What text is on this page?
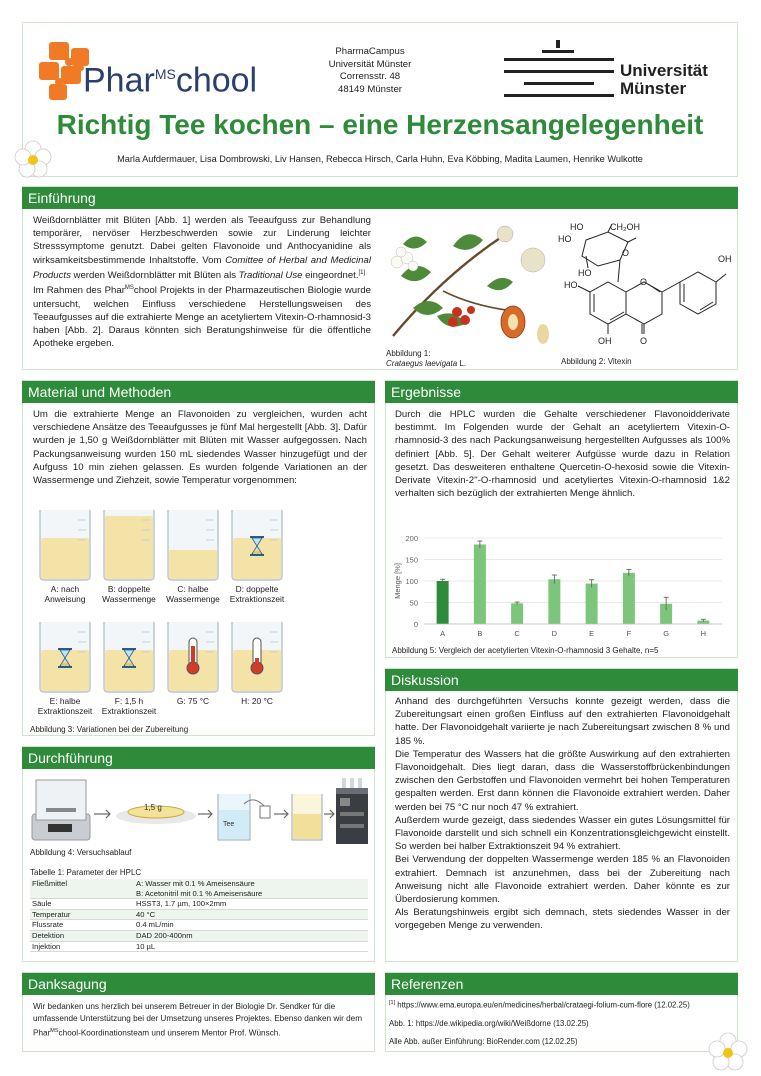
Phar$^{MS}$chool
PharmaCampus
Universität Münster
Corrensstr. 48
48149 Münster
Universität
Münster
Richtig Tee kochen – eine Herzensangelegenheit
Marla Aufdermauer, Lisa Dombrowski, Liv Hansen, Rebecca Hirsch, Carla Huhn, Eva Köbbing, Madita Laumen, Henrike Wulkotte
Einführung

Weißdornblätter mit Blüten [Abb. 1] werden als Teeaufguss zur Behandlung temporärer, nervöser Herzbeschwerden sowie zur Linderung leichter Stresssymptome genutzt. Dabei gelten Flavonoide und Anthocyanidine als wirksamkeitsbestimmende Inhaltstoffe. Vom Comittee of Herbal and Medicinal Products werden Weißdornblätter mit Blüten als Traditional Use eingeordnet.[1]

Im Rahmen des Phar$^{MS}$chool Projekts in der Pharmazeutischen Biologie wurde untersucht, welchen Einfluss verschiedene Herstellungsweisen des Teeaufgusses auf die extrahierte Menge an acetyliertem Vitexin-O-rhamnosid-3 haben [Abb. 2]. Daraus könnten sich Beratungshinweise für die öffentliche Apotheke ergeben.

Abbildung 1:
Crataegus laevigata L.
HO	CH₂OH
HO
O
HO
OH
HO	O
OH	O
Abbildung 2: Vitexin
Material und Methoden
Um die extrahierte Menge an Flavonoiden zu vergleichen, wurden acht verschiedene Ansätze des Teeaufgusses je fünf Mal hergestellt [Abb. 3]. Dafür wurden je 1,50 g Weißdornblätter mit Blüten mit Wasser aufgegossen. Nach Packungsanweisung wurden 150 mL siedendes Wasser hinzugefügt und der Aufguss 10 min ziehen gelassen. Es wurden folgende Variationen an der Wassermenge und Ziehzeit, sowie Temperatur vorgenommen:
A: nach
Anweisung
B: doppelte
Wassermenge
C: halbe
Wassermenge
D: doppelte
Extraktionszeit
E: halbe
Extraktionszeit
F: 1,5 h
Extraktionszeit
G: 75 °C	H: 20 °C
Abbildung 3: Variationen bei der Zubereitung
Durchführung
1,5 g
Tee
Abbildung 4: Versuchsablauf
Tabelle 1: Parameter der HPLC
Fließmittel	A: Wasser mit 0.1 % Ameisensäure
B: Acetonitril mit 0.1 % Ameisensäure

Säule	HSST3, 1.7 µm, 100×2mm

Temperatur	40 °C

Flussrate	0.4 mL/min

Detektion	DAD 200-400nm

Injektion	10 µL
Danksagung
Wir bedanken uns herzlich bei unserem Betreuer in der Biologie Dr. Sendker für die umfassende Unterstützung bei der Umsetzung unseres Projektes. Ebenso danken wir dem Phar$^{MS}$chool-Koordinationsteam und unserem Mentor Prof. Wünsch.
Ergebnisse
Durch die HPLC wurden die Gehalte verschiedener Flavonoidderivate bestimmt. Im Folgenden wurde der Gehalt an acetyliertem Vitexin-O-rhamnosid-3 des nach Packungsanweisung hergestellten Aufgusses als 100% definiert [Abb. 5]. Der Gehalt weiterer Aufgüsse wurde dazu in Relation gesetzt. Das desweiteren enthaltene Quercetin-O-hexosid sowie die Vitexin-Derivate Vitexin-2''-O-rhamnosid und acetyliertes Vitexin-O-rhamnosid 1&2 verhalten sich bezüglich der extrahierten Menge ähnlich.
0
50
100
150
200
Menge [%]
A	B	C	D	E	F	G	H
Abbildung 5: Vergleich der acetylierten Vitexin-O-rhamnosid 3 Gehalte, n=5
Diskussion

Anhand des durchgeführten Versuchs konnte gezeigt werden, dass die Zubereitungsart einen großen Einfluss auf den extrahierten Flavonoidgehalt hatte. Der Flavonoidgehalt variierte je nach Zubereitungsart zwischen 8 % und 185 %.

Die Temperatur des Wassers hat die größte Auswirkung auf den extrahierten Flavonoidgehalt. Dies liegt daran, dass die Wasserstoffbrückenbindungen zwischen den Gerbstoffen und Flavonoiden vermehrt bei hohen Temperaturen gespalten werden. Erst dann können die Flavonoide extrahiert werden. Daher werden bei 75 °C nur noch 47 % extrahiert.

Außerdem wurde gezeigt, dass siedendes Wasser ein gutes Lösungsmittel für Flavonoide darstellt und sich schnell ein Konzentrationsgleichgewicht einstellt. So werden bei halber Extraktionszeit 94 % extrahiert.

Bei Verwendung der doppelten Wassermenge werden 185 % an Flavonoiden extrahiert. Demnach ist anzunehmen, dass bei der Zubereitung nach Anweisung nicht alle Flavonoide extrahiert werden. Daher könnte es zur Überdosierung kommen.

Als Beratungshinweis ergibt sich demnach, stets siedendes Wasser in der vorgegeben Menge zu verwenden.

Referenzen
[1] https://www.ema.europa.eu/en/medicines/herbal/crataegi-folium-cum-flore (12.02.25)
Abb. 1: https://de.wikipedia.org/wiki/Weißdorne (13.02.25)
Alle Abb. außer Einführung: BioRender.com (12.02.25)
